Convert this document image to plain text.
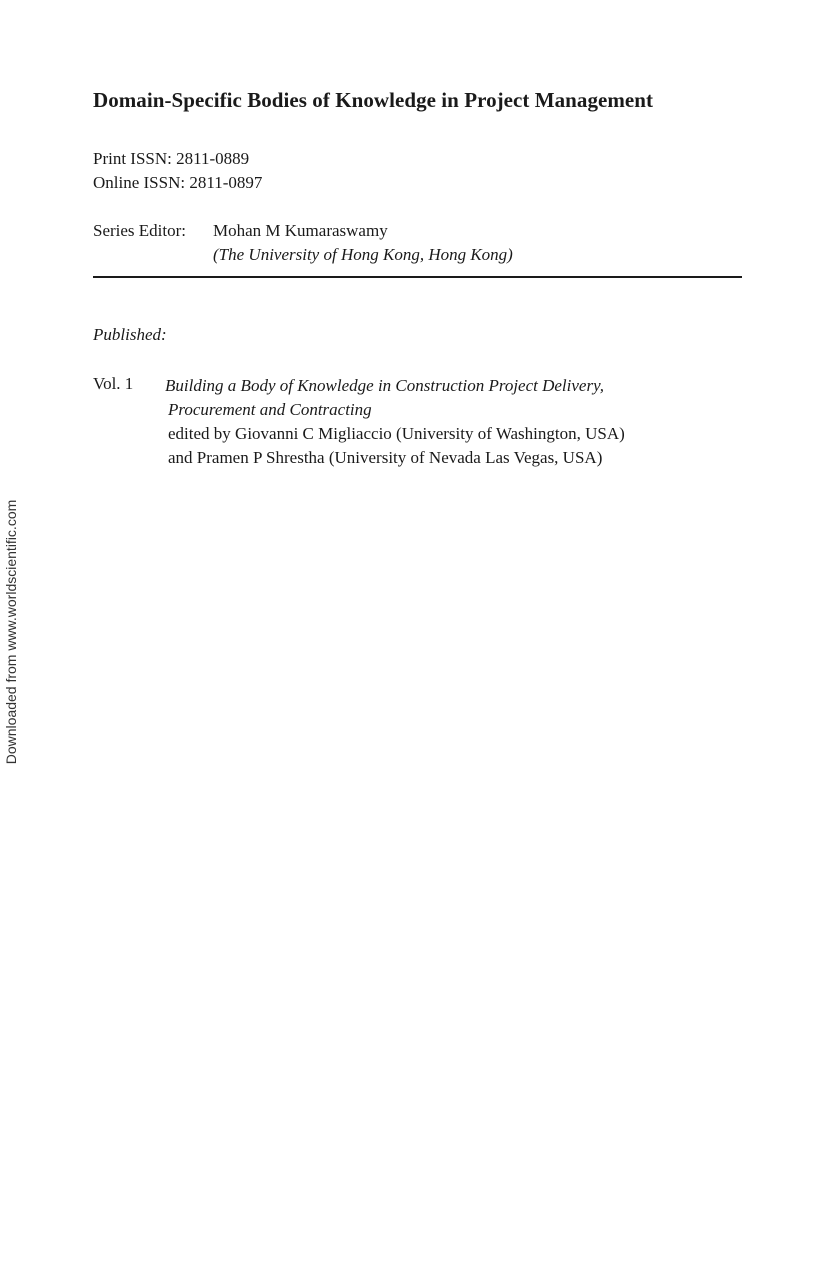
Domain-Specific Bodies of Knowledge in Project Management
Print ISSN: 2811-0889
Online ISSN: 2811-0897
Series Editor: Mohan M Kumaraswamy
(The University of Hong Kong, Hong Kong)
Published:
Vol. 1 Building a Body of Knowledge in Construction Project Delivery,
Procurement and Contracting
edited by Giovanni C Migliaccio (University of Washington, USA)
and Pramen P Shrestha (University of Nevada Las Vegas, USA)
Downloaded from www.worldscientific.com
